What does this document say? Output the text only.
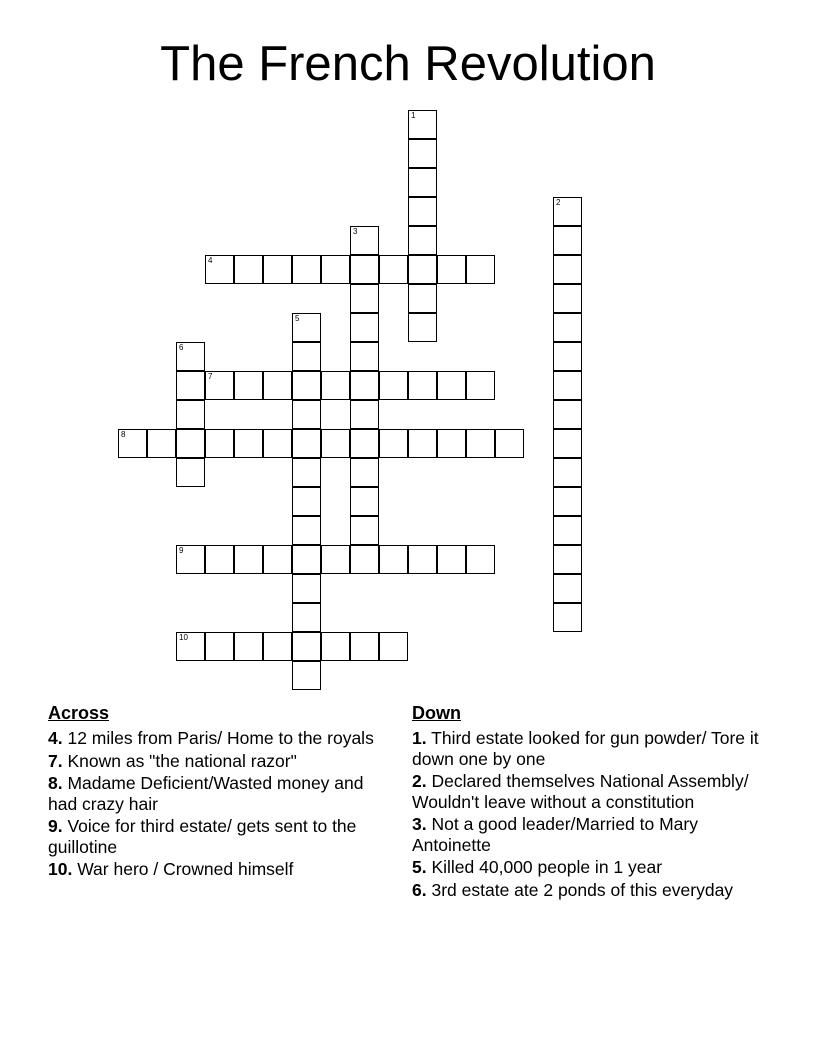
The French Revolution
1
2
3
4
5
6
7
8
9
10
Across
4. 12 miles from Paris/ Home to the royals
7. Known as "the national razor"
8. Madame Deficient/Wasted money and had crazy hair
9. Voice for third estate/ gets sent to the guillotine
10. War hero / Crowned himself
Down
1. Third estate looked for gun powder/ Tore it down one by one
2. Declared themselves National Assembly/ Wouldn't leave without a constitution
3. Not a good leader/Married to Mary Antoinette
5. Killed 40,000 people in 1 year
6. 3rd estate ate 2 ponds of this everyday
